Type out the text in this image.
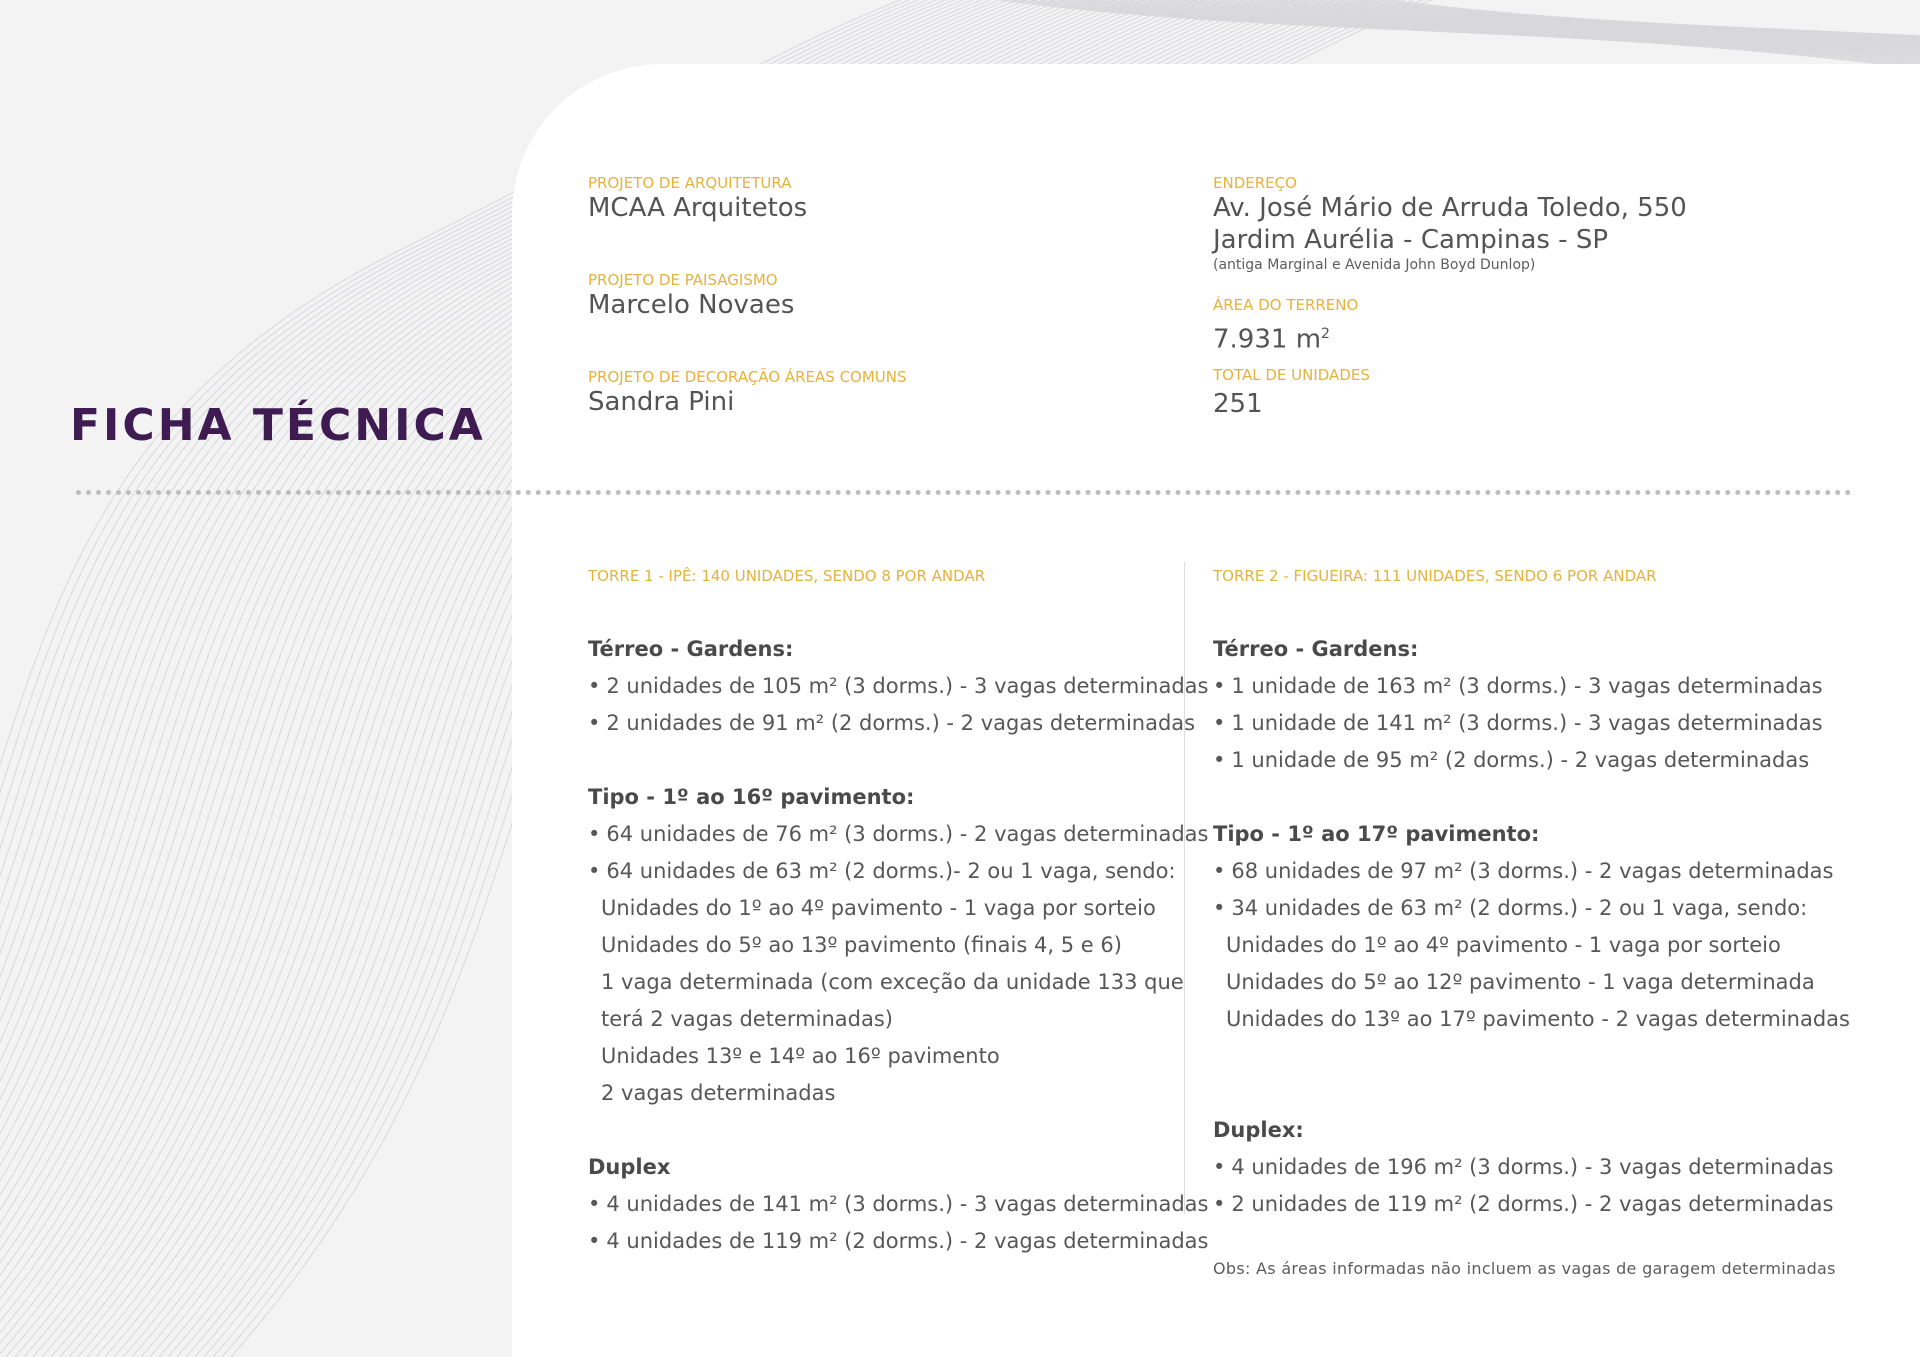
FICHA TÉCNICA
PROJETO DE ARQUITETURA
MCAA Arquitetos
PROJETO DE PAISAGISMO
Marcelo Novaes
PROJETO DE DECORAÇÃO ÁREAS COMUNS
Sandra Pini
ENDEREÇO
Av. José Mário de Arruda Toledo, 550
Jardim Aurélia - Campinas - SP
(antiga Marginal e Avenida John Boyd Dunlop)
ÁREA DO TERRENO
7.931 $m^2$
TOTAL DE UNIDADES
251
TORRE 1 - IPÊ: 140 UNIDADES, SENDO 8 POR ANDAR
Térreo - Gardens:
• 2 unidades de 105 m² (3 dorms.) - 3 vagas determinadas
• 2 unidades de 91 m² (2 dorms.) - 2 vagas determinadas
Tipo - 1º ao 16º pavimento:
• 64 unidades de 76 m² (3 dorms.) - 2 vagas determinadas
• 64 unidades de 63 m² (2 dorms.)- 2 ou 1 vaga, sendo:
Unidades do 1º ao 4º pavimento - 1 vaga por sorteio
Unidades do 5º ao 13º pavimento (finais 4, 5 e 6)
1 vaga determinada (com exceção da unidade 133 que
terá 2 vagas determinadas)
Unidades 13º e 14º ao 16º pavimento
2 vagas determinadas
Duplex
• 4 unidades de 141 m² (3 dorms.) - 3 vagas determinadas
• 4 unidades de 119 m² (2 dorms.) - 2 vagas determinadas
TORRE 2 - FIGUEIRA: 111 UNIDADES, SENDO 6 POR ANDAR
Térreo - Gardens:
• 1 unidade de 163 m² (3 dorms.) - 3 vagas determinadas
• 1 unidade de 141 m² (3 dorms.) - 3 vagas determinadas
• 1 unidade de 95 m² (2 dorms.) - 2 vagas determinadas
Tipo - 1º ao 17º pavimento:
• 68 unidades de 97 m² (3 dorms.) - 2 vagas determinadas
• 34 unidades de 63 m² (2 dorms.) - 2 ou 1 vaga, sendo:
Unidades do 1º ao 4º pavimento - 1 vaga por sorteio
Unidades do 5º ao 12º pavimento - 1 vaga determinada
Unidades do 13º ao 17º pavimento - 2 vagas determinadas
Duplex:
• 4 unidades de 196 m² (3 dorms.) - 3 vagas determinadas
• 2 unidades de 119 m² (2 dorms.) - 2 vagas determinadas
Obs: As áreas informadas não incluem as vagas de garagem determinadas
